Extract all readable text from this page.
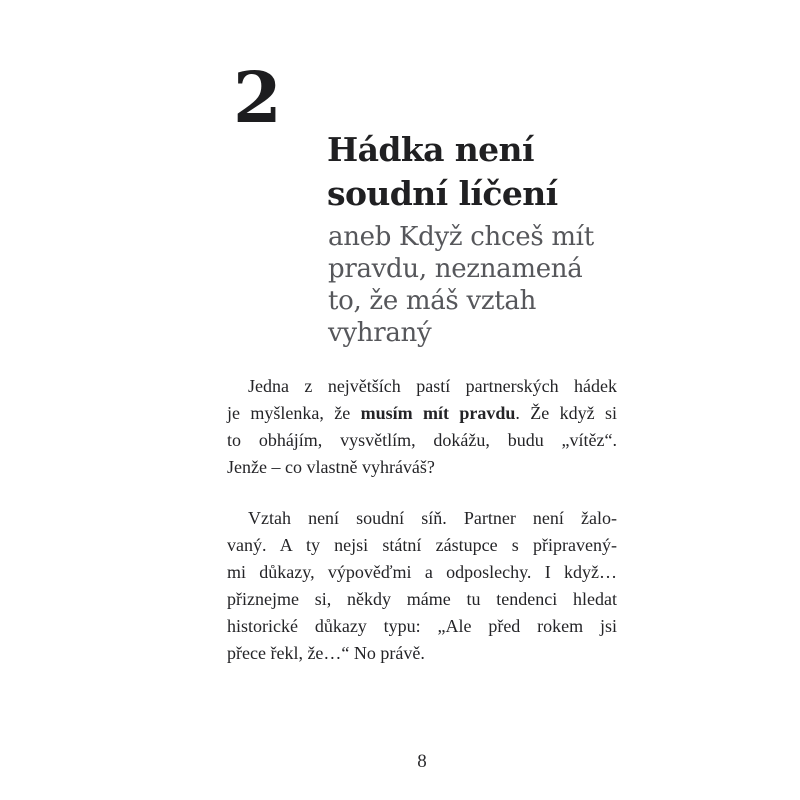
2
Hádka není
soudní líčení
aneb Když chceš mít
pravdu, neznamená
to, že máš vztah
vyhraný
Jedna z největších pastí partnerských hádek
je myšlenka, že musím mít pravdu. Že když si
to obhájím, vysvětlím, dokážu, budu „vítěz“.
Jenže – co vlastně vyhráváš?
Vztah není soudní síň. Partner není žalo-
vaný. A ty nejsi státní zástupce s připravený-
mi důkazy, výpověďmi a odposlechy. I když…
přiznejme si, někdy máme tu tendenci hledat
historické důkazy typu: „Ale před rokem jsi
přece řekl, že…“ No právě.
8
